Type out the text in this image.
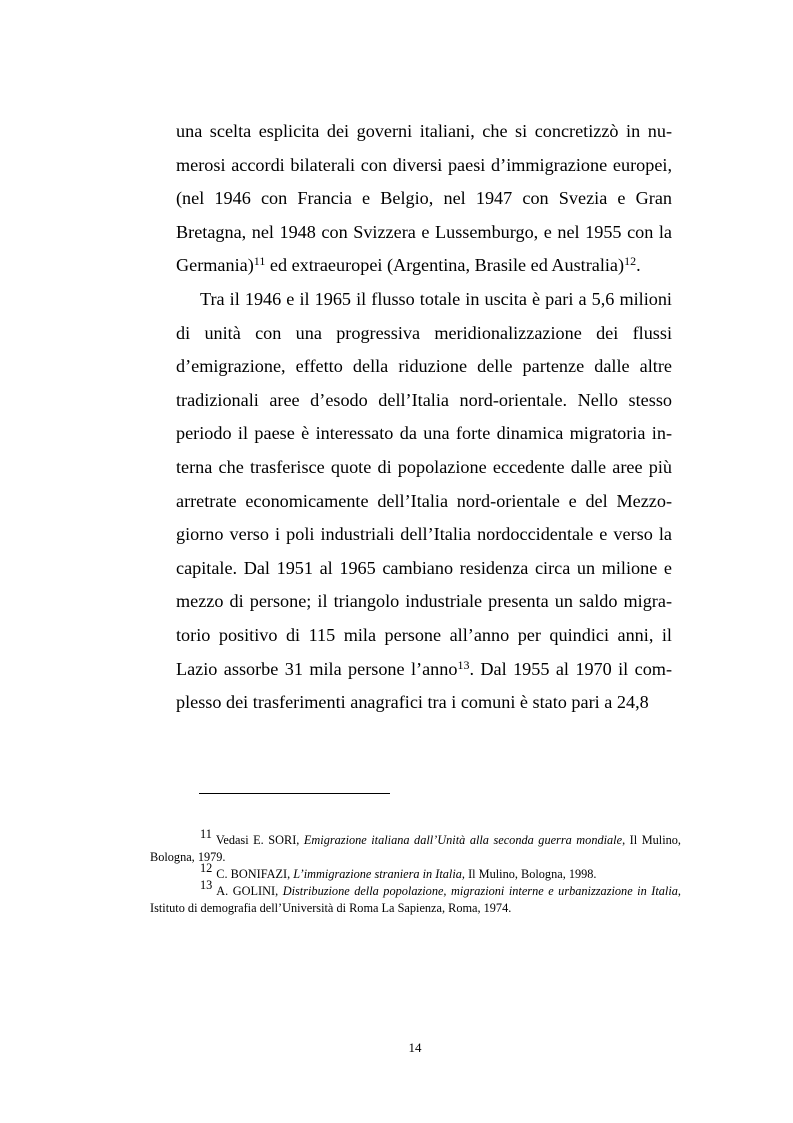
una scelta esplicita dei governi italiani, che si concretizzò in numerosi accordi bilaterali con diversi paesi d’immigrazione europei, (nel 1946 con Francia e Belgio, nel 1947 con Svezia e Gran Bretagna, nel 1948 con Svizzera e Lussemburgo, e nel 1955 con la Germania)$^{11}$ ed extraeuropei (Argentina, Brasile ed Australia)$^{12}$.

Tra il 1946 e il 1965 il flusso totale in uscita è pari a 5,6 milioni di unità con una progressiva meridionalizzazione dei flussi d’emigrazione, effetto della riduzione delle partenze dalle altre tradizionali aree d’esodo dell’Italia nord-orientale. Nello stesso periodo il paese è interessato da una forte dinamica migratoria interna che trasferisce quote di popolazione eccedente dalle aree più arretrate economicamente dell’Italia nord-orientale e del Mezzogiorno verso i poli industriali dell’Italia nordoccidentale e verso la capitale. Dal 1951 al 1965 cambiano residenza circa un milione e mezzo di persone; il triangolo industriale presenta un saldo migratorio positivo di 115 mila persone all’anno per quindici anni, il Lazio assorbe 31 mila persone l’anno$^{13}$. Dal 1955 al 1970 il complesso dei trasferimenti anagrafici tra i comuni è stato pari a 24,8

11 Vedasi E. SORI, Emigrazione italiana dall’Unità alla seconda guerra mondiale, Il Mulino, Bologna, 1979.

12 C. BONIFAZI, L’immigrazione straniera in Italia, Il Mulino, Bologna, 1998.

13 A. GOLINI, Distribuzione della popolazione, migrazioni interne e urbanizzazione in Italia, Istituto di demografia dell’Università di Roma La Sapienza, Roma, 1974.

14
